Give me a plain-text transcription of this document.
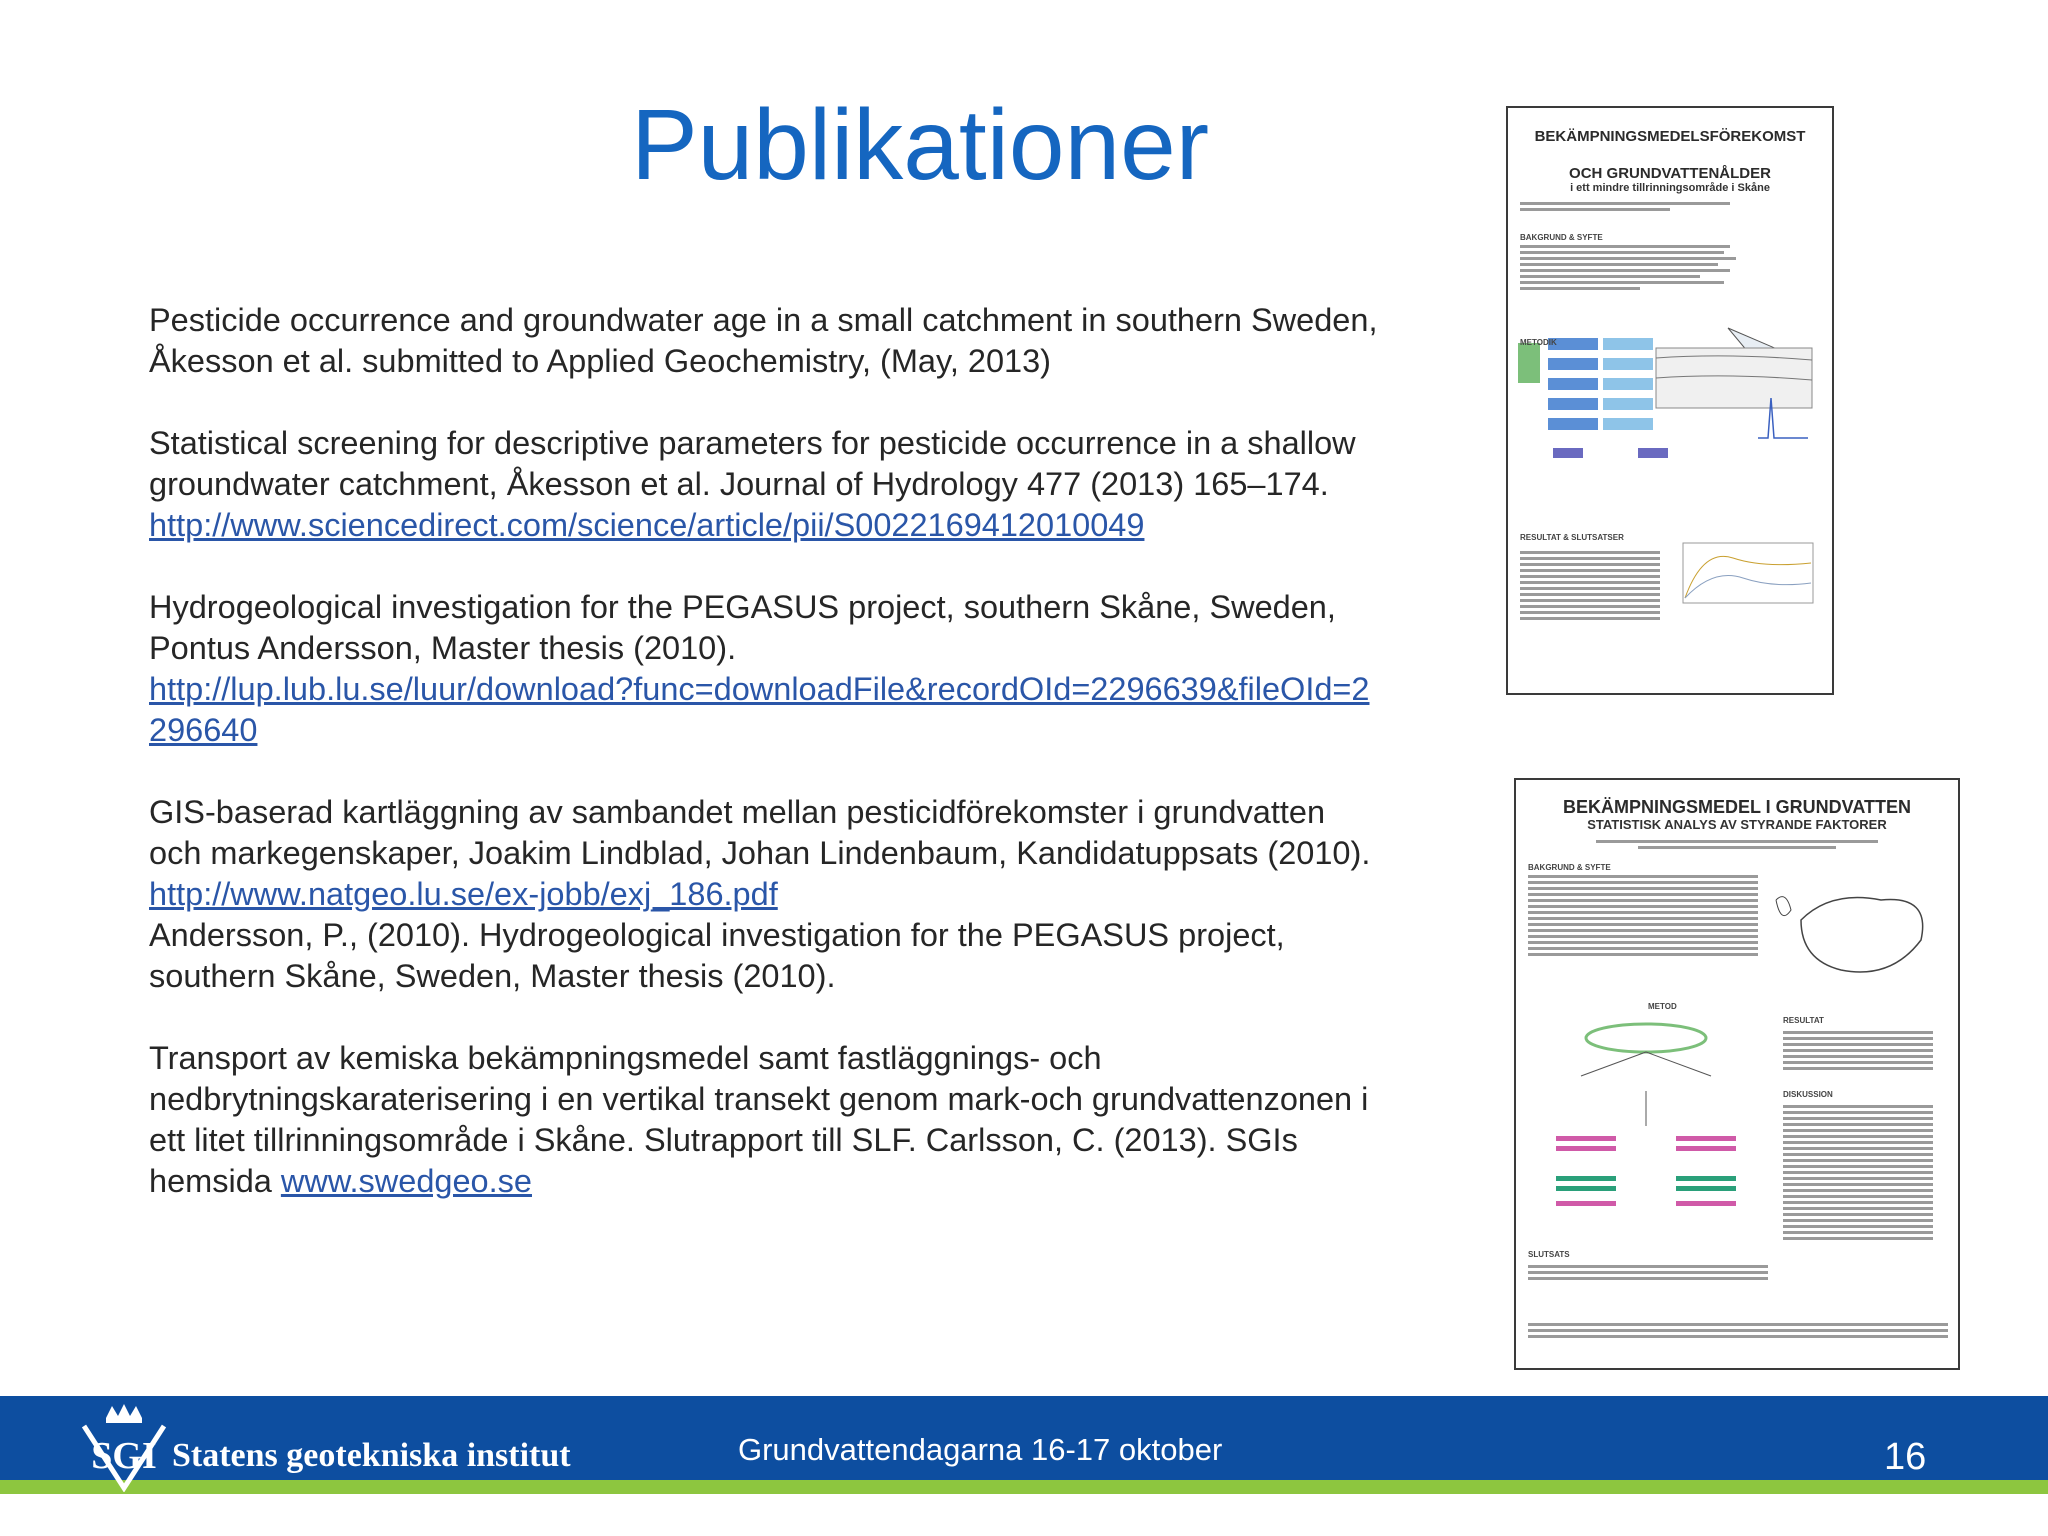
Publikationer

Pesticide occurrence and groundwater age in a small catchment in southern Sweden,

Åkesson et al. submitted to Applied Geochemistry, (May, 2013)

Statistical screening for descriptive parameters for pesticide occurrence in a shallow

groundwater catchment, Åkesson et al. Journal of Hydrology 477 (2013) 165–174.

http://www.sciencedirect.com/science/article/pii/S0022169412010049

Hydrogeological investigation for the PEGASUS project, southern Skåne, Sweden,

Pontus Andersson, Master thesis (2010).

http://lup.lub.lu.se/luur/download?func=downloadFile&recordOId=2296639&fileOId=2
296640

GIS-baserad kartläggning av sambandet mellan pesticidförekomster i grundvatten

och markegenskaper, Joakim Lindblad, Johan Lindenbaum, Kandidatuppsats (2010).

http://www.natgeo.lu.se/ex-jobb/exj_186.pdf

Andersson, P., (2010). Hydrogeological investigation for the PEGASUS project,

southern Skåne, Sweden, Master thesis (2010).

Transport av kemiska bekämpningsmedel samt fastläggnings- och

nedbrytningskaraterisering i en vertikal transekt genom mark-och grundvattenzonen i

ett litet tillrinningsområde i Skåne. Slutrapport till SLF. Carlsson, C. (2013). SGIs

hemsida www.swedgeo.se

BEKÄMPNINGSMEDELSFÖREKOMST
OCH GRUNDVATTENÅLDER
i ett mindre tillrinningsområde i Skåne
BAKGRUND & SYFTE
METODIK
RESULTAT & SLUTSATSER
BEKÄMPNINGSMEDEL I GRUNDVATTEN
STATISTISK ANALYS AV STYRANDE FAKTORER
BAKGRUND & SYFTE
METOD
RESULTAT
DISKUSSION
SLUTSATS
SGI Statens geotekniska institut	Grundvattendagarna 16-17 oktober	16
